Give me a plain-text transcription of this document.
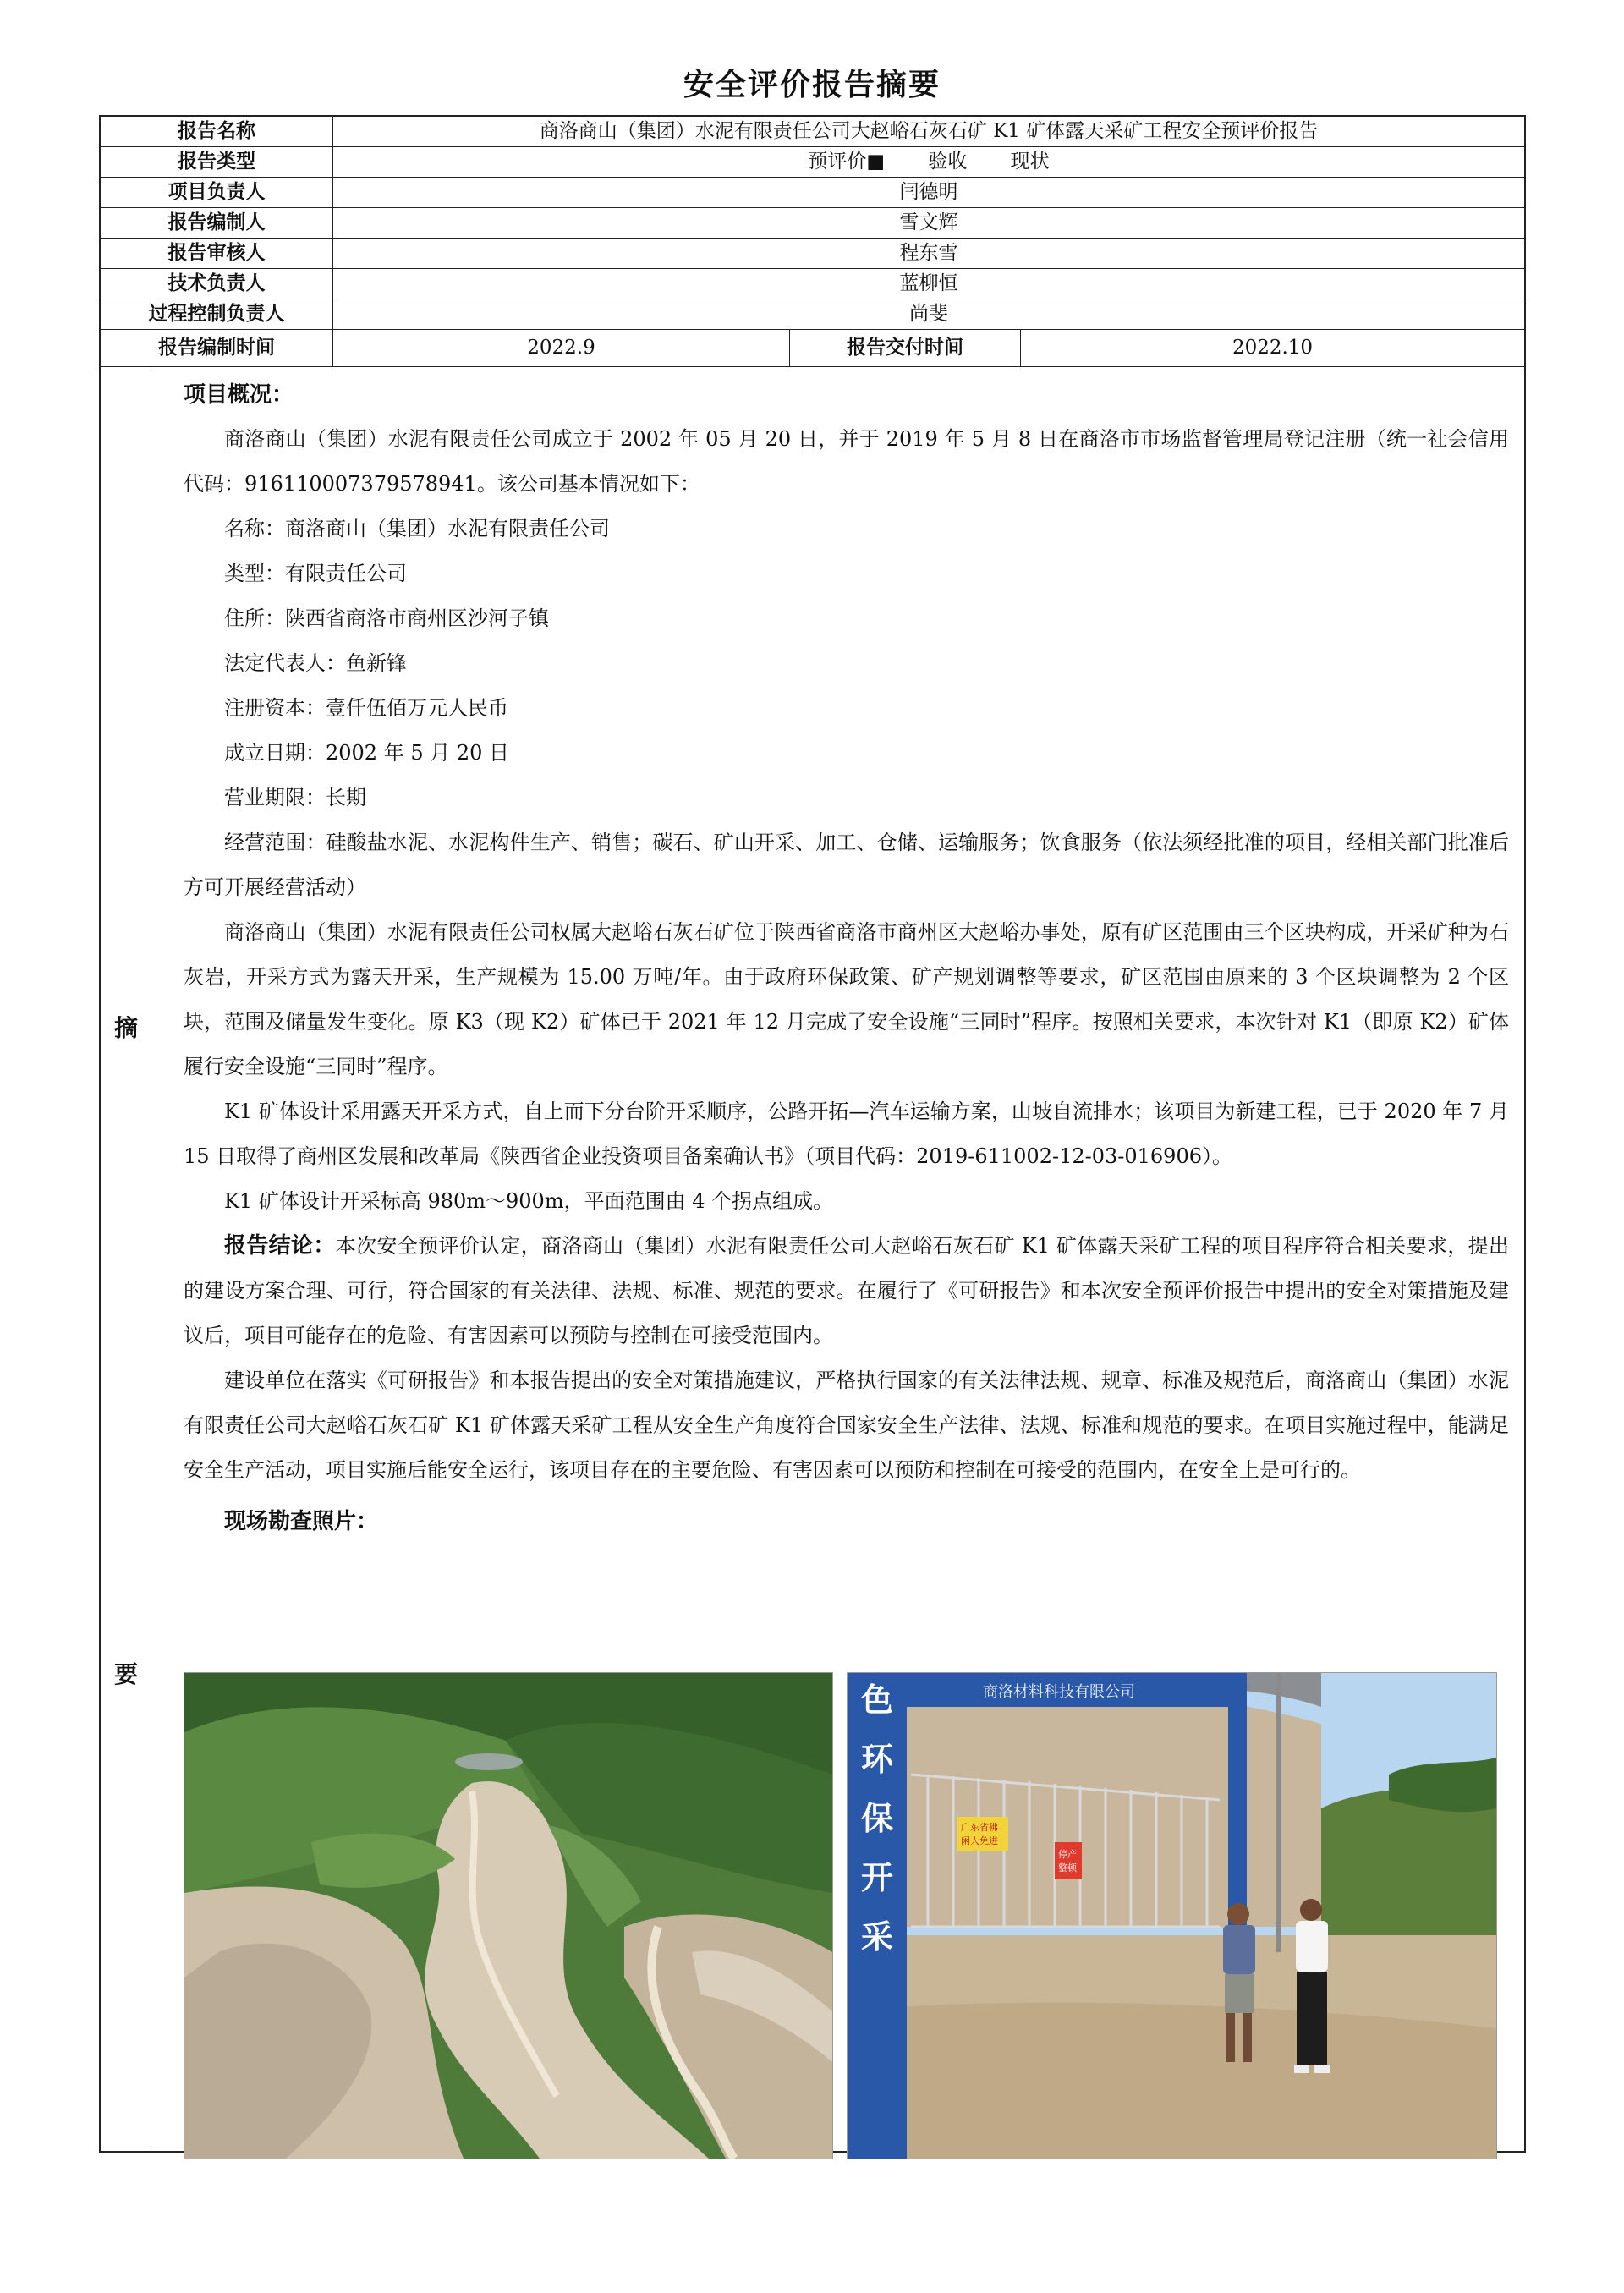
安全评价报告摘要
报告名称	商洛商山（集团）水泥有限责任公司大赵峪石灰石矿 K1 矿体露天采矿工程安全预评价报告
报告类型	预评价■ 验收 现状
项目负责人	闫德明
报告编制人	雪文辉
报告审核人	程东雪
技术负责人	蓝柳恒
过程控制负责人	尚斐
报告编制时间	2022.9	报告交付时间	2022.10
摘
要
项目概况：

商洛商山（集团）水泥有限责任公司成立于 2002 年 05 月 20 日，并于 2019 年 5 月 8 日在商洛市市场监督管理局登记注册（统一社会信用代码：916110007379578941。该公司基本情况如下：

名称：商洛商山（集团）水泥有限责任公司

类型：有限责任公司

住所：陕西省商洛市商州区沙河子镇

法定代表人：鱼新锋

注册资本：壹仟伍佰万元人民币

成立日期：2002 年 5 月 20 日

营业期限：长期

经营范围：硅酸盐水泥、水泥构件生产、销售；碳石、矿山开采、加工、仓储、运输服务；饮食服务（依法须经批准的项目，经相关部门批准后方可开展经营活动）

商洛商山（集团）水泥有限责任公司权属大赵峪石灰石矿位于陕西省商洛市商州区大赵峪办事处，原有矿区范围由三个区块构成，开采矿种为石灰岩，开采方式为露天开采，生产规模为 15.00 万吨/年。由于政府环保政策、矿产规划调整等要求，矿区范围由原来的 3 个区块调整为 2 个区块，范围及储量发生变化。原 K3（现 K2）矿体已于 2021 年 12 月完成了安全设施“三同时”程序。按照相关要求，本次针对 K1（即原 K2）矿体履行安全设施“三同时”程序。

K1 矿体设计采用露天开采方式，自上而下分台阶开采顺序，公路开拓—汽车运输方案，山坡自流排水；该项目为新建工程，已于 2020 年 7 月 15 日取得了商州区发展和改革局《陕西省企业投资项目备案确认书》（项目代码：2019-611002-12-03-016906）。

K1 矿体设计开采标高 980m～900m，平面范围由 4 个拐点组成。

报告结论：本次安全预评价认定，商洛商山（集团）水泥有限责任公司大赵峪石灰石矿 K1 矿体露天采矿工程的项目程序符合相关要求，提出的建设方案合理、可行，符合国家的有关法律、法规、标准、规范的要求。在履行了《可研报告》和本次安全预评价报告中提出的安全对策措施及建议后，项目可能存在的危险、有害因素可以预防与控制在可接受范围内。

建设单位在落实《可研报告》和本报告提出的安全对策措施建议，严格执行国家的有关法律法规、规章、标准及规范后，商洛商山（集团）水泥有限责任公司大赵峪石灰石矿 K1 矿体露天采矿工程从安全生产角度符合国家安全生产法律、法规、标准和规范的要求。在项目实施过程中，能满足安全生产活动，项目实施后能安全运行，该项目存在的主要危险、有害因素可以预防和控制在可接受的范围内，在安全上是可行的。

现场勘查照片：
商洛材料科技有限公司
色
环
保
开
采
广东省佛
闲人免进
停产
整顿
